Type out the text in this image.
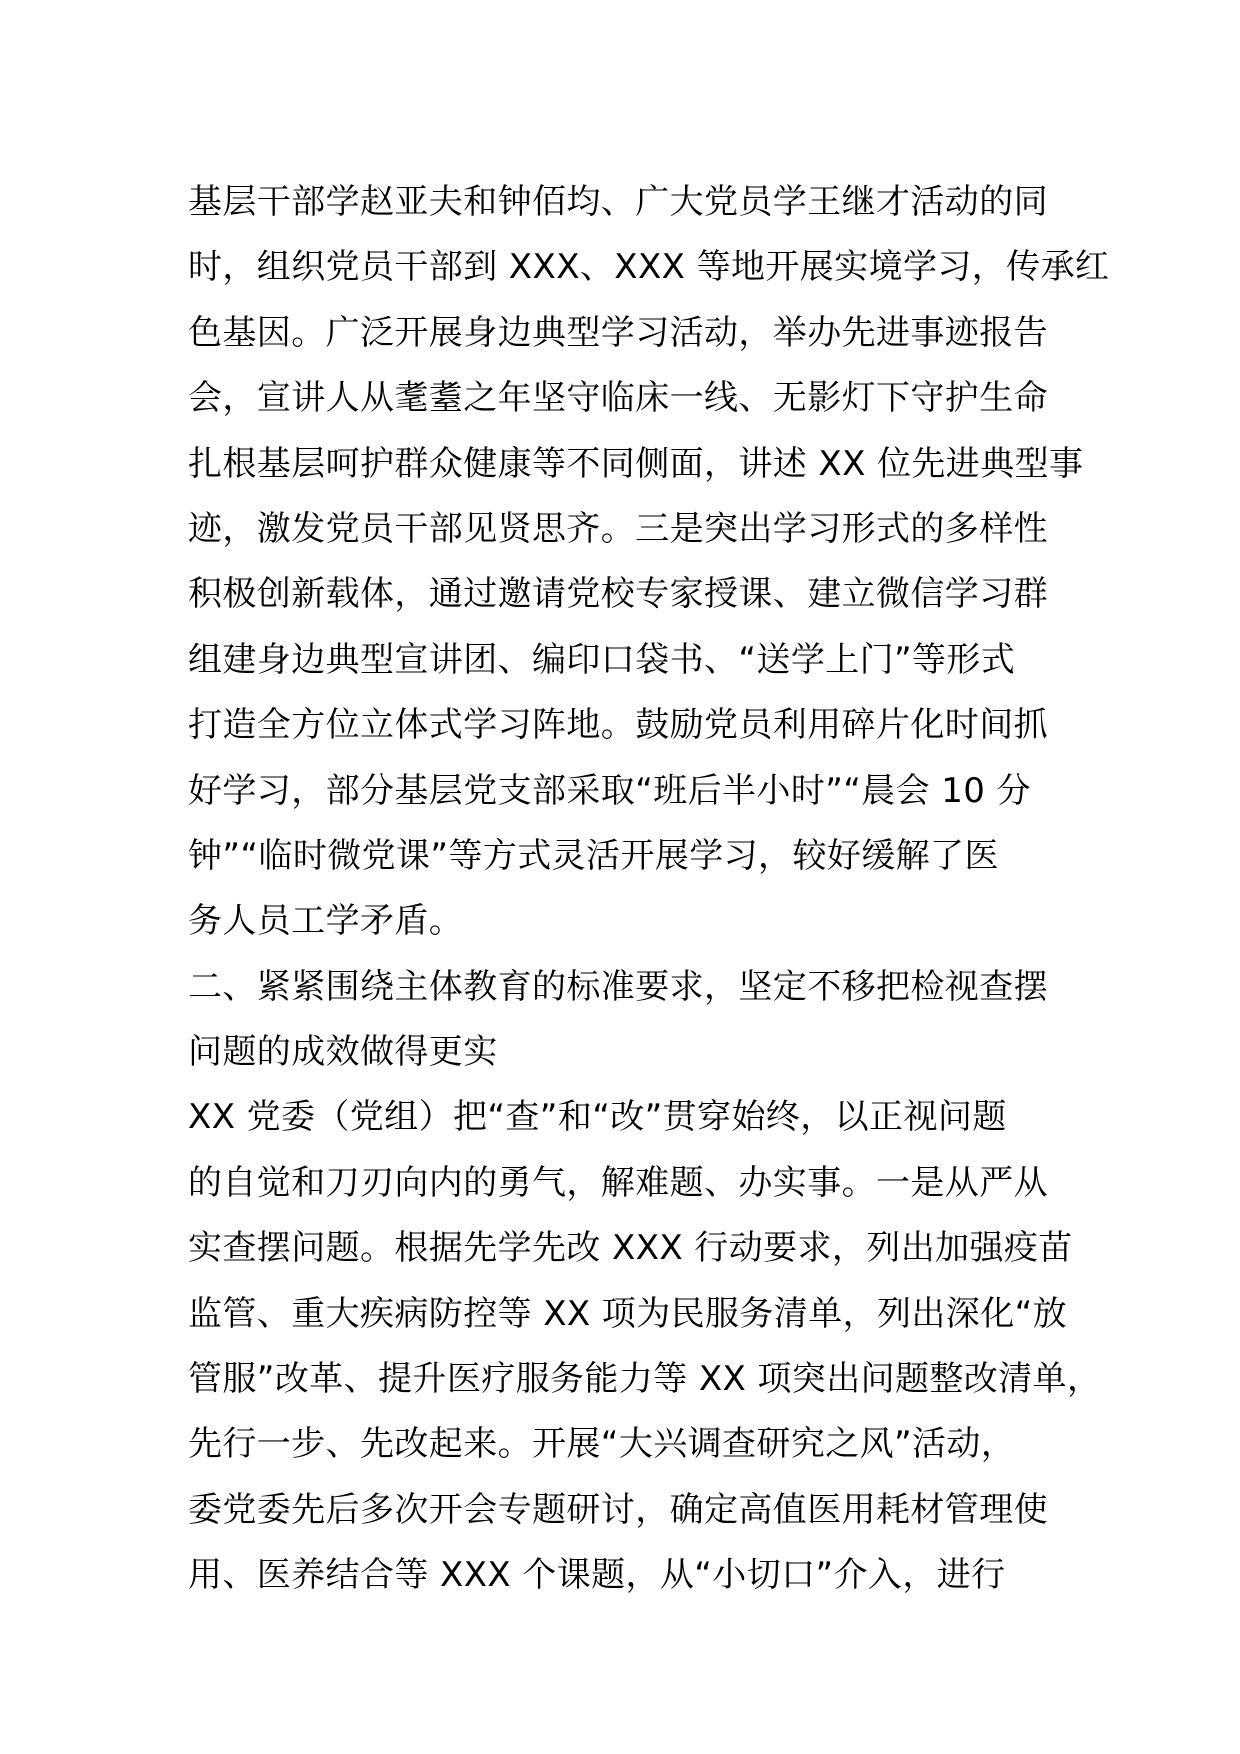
基层干部学赵亚夫和钟佰均、广大党员学王继才活动的同
时，组织党员干部到 XXX、XXX 等地开展实境学习，传承红
色基因。广泛开展身边典型学习活动，举办先进事迹报告
会，宣讲人从耄耋之年坚守临床一线、无影灯下守护生命
扎根基层呵护群众健康等不同侧面，讲述 XX 位先进典型事
迹，激发党员干部见贤思齐。三是突出学习形式的多样性
积极创新载体，通过邀请党校专家授课、建立微信学习群
组建身边典型宣讲团、编印口袋书、“送学上门”等形式
打造全方位立体式学习阵地。鼓励党员利用碎片化时间抓
好学习，部分基层党支部采取“班后半小时”“晨会 10 分
钟”“临时微党课”等方式灵活开展学习，较好缓解了医
务人员工学矛盾。
二、紧紧围绕主体教育的标准要求，坚定不移把检视查摆
问题的成效做得更实
XX 党委（党组）把“查”和“改”贯穿始终，以正视问题
的自觉和刀刃向内的勇气，解难题、办实事。一是从严从
实查摆问题。根据先学先改 XXX 行动要求，列出加强疫苗
监管、重大疾病防控等 XX 项为民服务清单，列出深化“放
管服”改革、提升医疗服务能力等 XX 项突出问题整改清单，
先行一步、先改起来。开展“大兴调查研究之风”活动，
委党委先后多次开会专题研讨，确定高值医用耗材管理使
用、医养结合等 XXX 个课题，从“小切口”介入，进行
